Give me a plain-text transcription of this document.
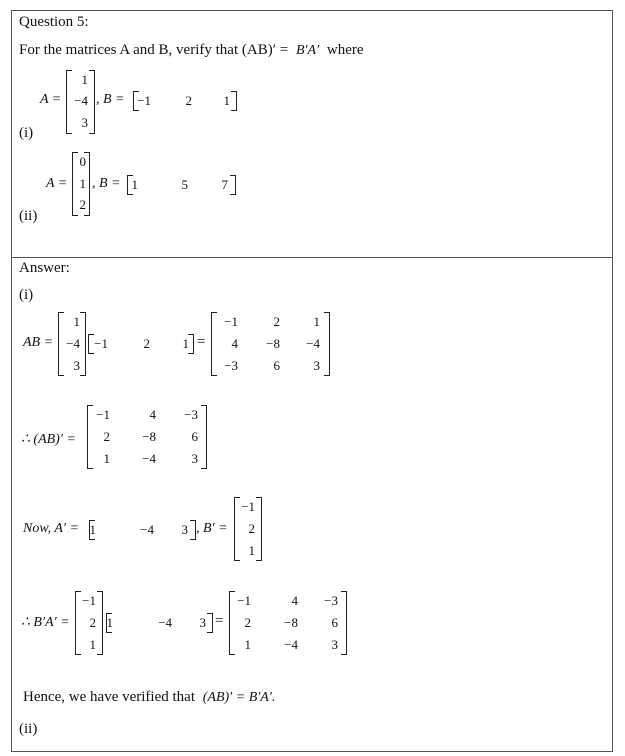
Question 5:
For the matrices A and B, verify that (AB)′ = B′A′ where
A =
1
−4
3
, B = −1	2	1
(i)
A =
0
1
2
, B = 1	5	7
(ii)
Answer:
(i)
AB =
1
−4
3
−1	2	1 =
−1	2	1
4	−8	−4
−3	6	3
∴ (AB)′ =
−1	4	−3
2	−8	6
1	−4	3
Now, A′ = 1	−4	3 , B′ =
−1
2
1
∴ B′A′ =
−1
2
1
1	−4	3 =
−1	4	−3
2	−8	6
1	−4	3
Hence, we have verified that (AB)′ = B′A′.
(ii)
